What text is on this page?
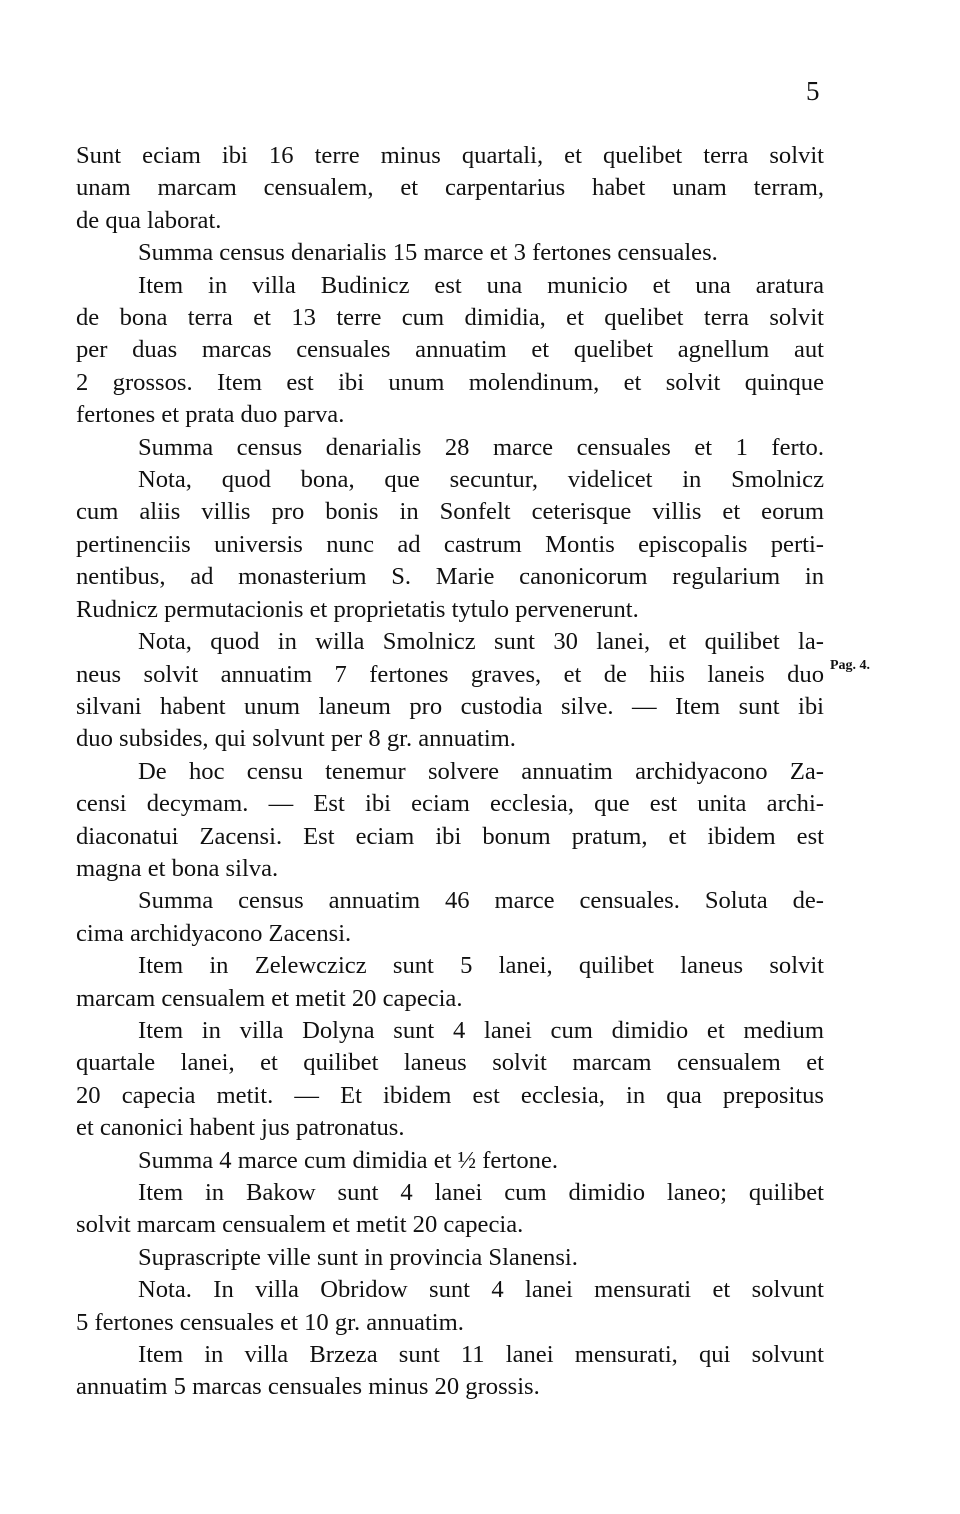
5
Pag. 4.
Sunt eciam ibi 16 terre minus quartali, et quelibet terra solvit
unam marcam censualem, et carpentarius habet unam terram,
de qua laborat.
Summa census denarialis 15 marce et 3 fertones censuales.
Item in villa Budinicz est una municio et una aratura
de bona terra et 13 terre cum dimidia, et quelibet terra solvit
per duas marcas censuales annuatim et quelibet agnellum aut
2 grossos. Item est ibi unum molendinum, et solvit quinque
fertones et prata duo parva.
Summa census denarialis 28 marce censuales et 1 ferto.
Nota, quod bona, que secuntur, videlicet in Smolnicz
cum aliis villis pro bonis in Sonfelt ceterisque villis et eorum
pertinenciis universis nunc ad castrum Montis episcopalis perti-
nentibus, ad monasterium S. Marie canonicorum regularium in
Rudnicz permutacionis et proprietatis tytulo pervenerunt.
Nota, quod in willa Smolnicz sunt 30 lanei, et quilibet la-
neus solvit annuatim 7 fertones graves, et de hiis laneis duo
silvani habent unum laneum pro custodia silve. — Item sunt ibi
duo subsides, qui solvunt per 8 gr. annuatim.
De hoc censu tenemur solvere annuatim archidyacono Za-
censi decymam. — Est ibi eciam ecclesia, que est unita archi-
diaconatui Zacensi. Est eciam ibi bonum pratum, et ibidem est
magna et bona silva.
Summa census annuatim 46 marce censuales. Soluta de-
cima archidyacono Zacensi.
Item in Zelewczicz sunt 5 lanei, quilibet laneus solvit
marcam censualem et metit 20 capecia.
Item in villa Dolyna sunt 4 lanei cum dimidio et medium
quartale lanei, et quilibet laneus solvit marcam censualem et
20 capecia metit. — Et ibidem est ecclesia, in qua prepositus
et canonici habent jus patronatus.
Summa 4 marce cum dimidia et ½ fertone.
Item in Bakow sunt 4 lanei cum dimidio laneo; quilibet
solvit marcam censualem et metit 20 capecia.
Suprascripte ville sunt in provincia Slanensi.
Nota. In villa Obridow sunt 4 lanei mensurati et solvunt
5 fertones censuales et 10 gr. annuatim.
Item in villa Brzeza sunt 11 lanei mensurati, qui solvunt
annuatim 5 marcas censuales minus 20 grossis.
